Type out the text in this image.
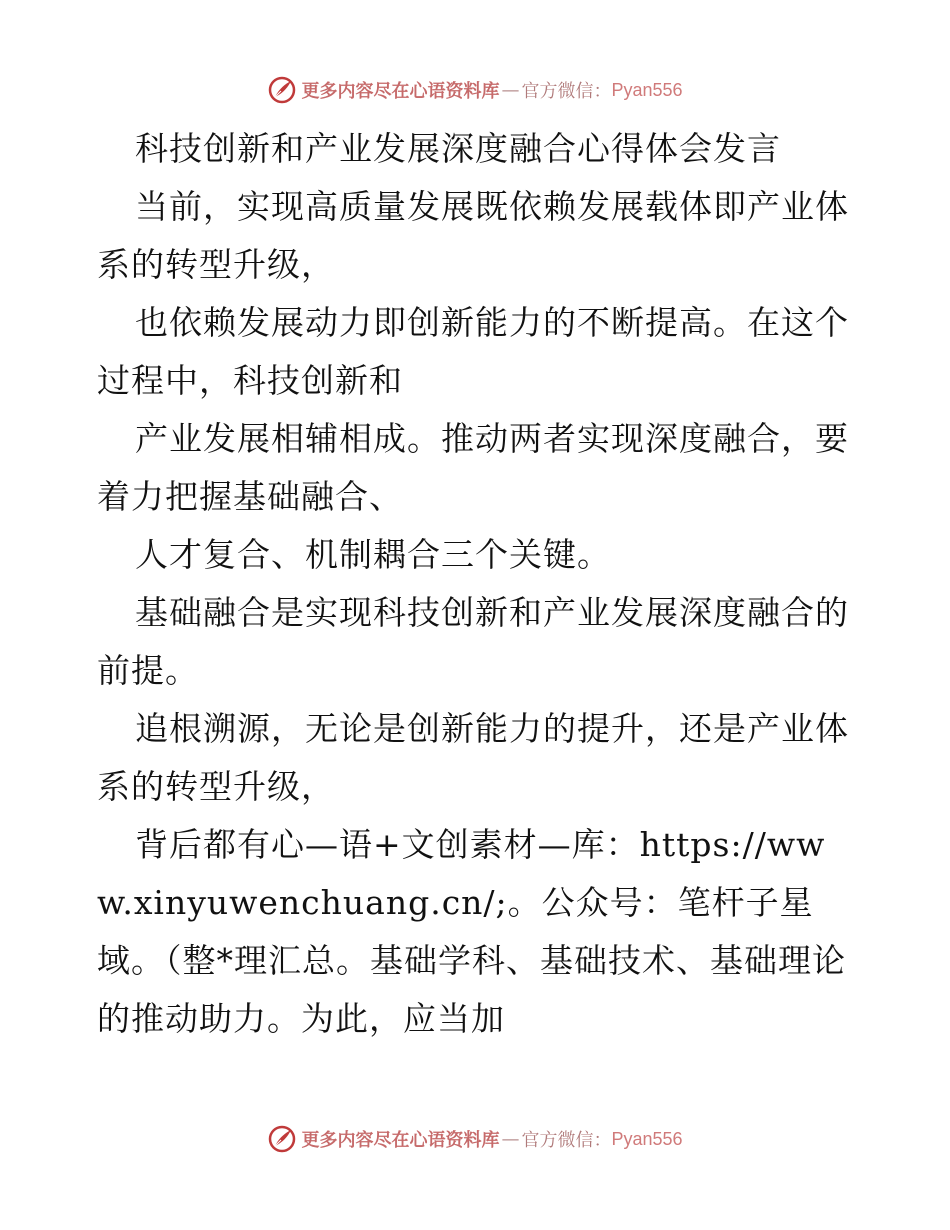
更多内容尽在心语资料库 — 官方微信： Pyan556

科技创新和产业发展深度融合心得体会发言

当前，实现高质量发展既依赖发展载体即产业体系的转型升级，

也依赖发展动力即创新能力的不断提高。在这个过程中，科技创新和

产业发展相辅相成。推动两者实现深度融合，要着力把握基础融合、

人才复合、机制耦合三个关键。

基础融合是实现科技创新和产业发展深度融合的前提。

追根溯源，无论是创新能力的提升，还是产业体系的转型升级，

背后都有心—语+文创素材—库：https://www.xinyuwenchuang.cn/;。公众号：笔杆子星域。（整*理汇总。基础学科、基础技术、基础理论的推动助力。为此，应当加

更多内容尽在心语资料库 — 官方微信： Pyan556
